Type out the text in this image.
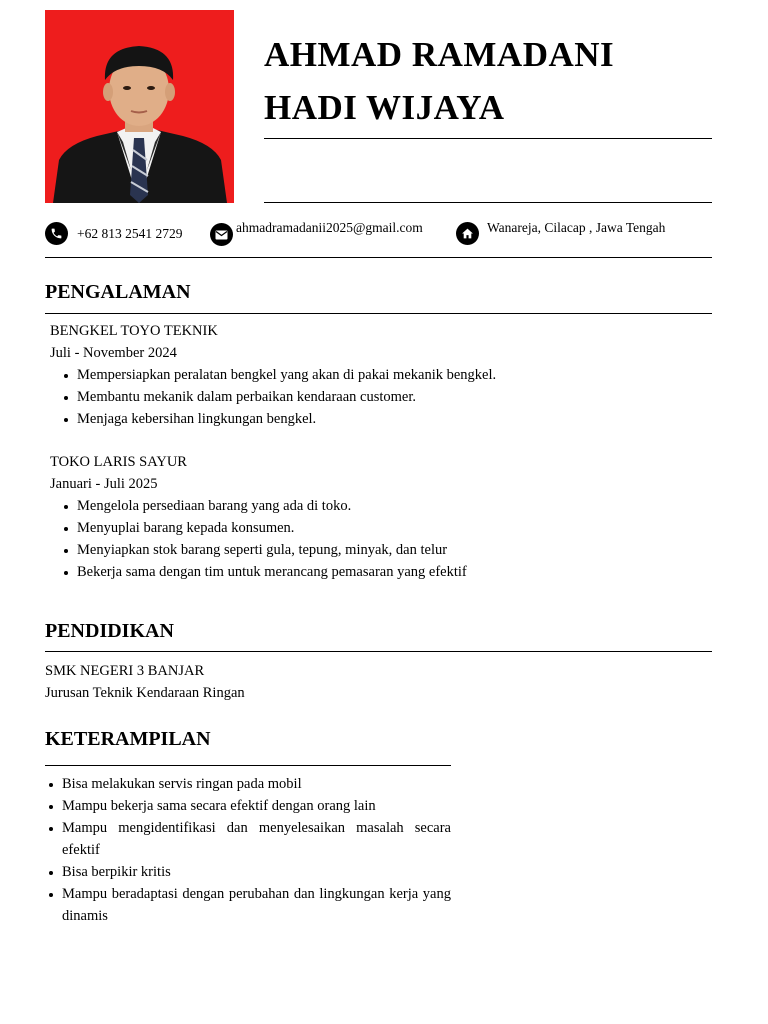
AHMAD RAMADANI
HADI WIJAYA
+62 813 2541 2729	ahmadramadanii2025@gmail.com	Wanareja, Cilacap , Jawa Tengah
PENGALAMAN
BENGKEL TOYO TEKNIK
Juli - November 2024
Mempersiapkan peralatan bengkel yang akan di pakai mekanik bengkel.
Membantu mekanik dalam perbaikan kendaraan customer.
Menjaga kebersihan lingkungan bengkel.
TOKO LARIS SAYUR
Januari - Juli 2025
Mengelola persediaan barang yang ada di toko.
Menyuplai barang kepada konsumen.
Menyiapkan stok barang seperti gula, tepung, minyak, dan telur
Bekerja sama dengan tim untuk merancang pemasaran yang efektif
PENDIDIKAN
SMK NEGERI 3 BANJAR
Jurusan Teknik Kendaraan Ringan
KETERAMPILAN
Bisa melakukan servis ringan pada mobil
Mampu bekerja sama secara efektif dengan orang lain
Mampu mengidentifikasi dan menyelesaikan masalah secara efektif
Bisa berpikir kritis
Mampu beradaptasi dengan perubahan dan lingkungan kerja yang dinamis
